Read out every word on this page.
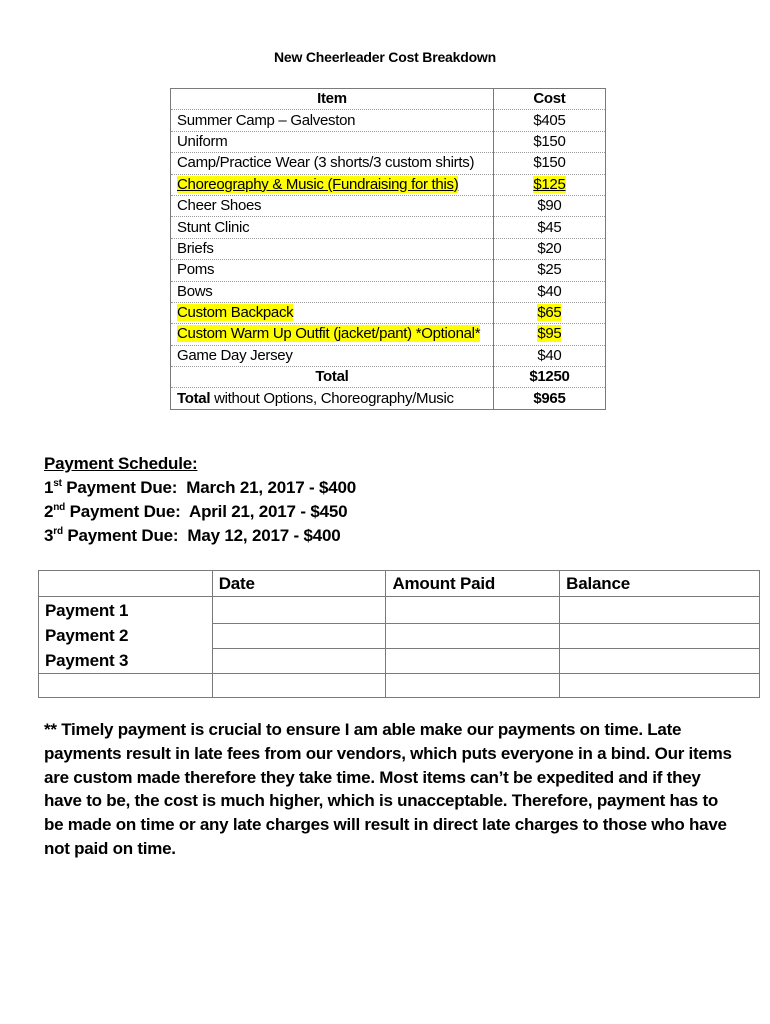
New Cheerleader Cost Breakdown
Item	Cost
Summer Camp – Galveston	$405
Uniform	$150
Camp/Practice Wear (3 shorts/3 custom shirts)	$150
Choreography & Music (Fundraising for this)	$125
Cheer Shoes	$90
Stunt Clinic	$45
Briefs	$20
Poms	$25
Bows	$40
Custom Backpack	$65
Custom Warm Up Outfit (jacket/pant) *Optional*	$95
Game Day Jersey	$40
Total	$1250
Total without Options, Choreography/Music	$965
Payment Schedule:
1st Payment Due:  March 21, 2017 - $400
2nd Payment Due:  April 21, 2017 - $450
3rd Payment Due:  May 12, 2017 - $400
	Date	Amount Paid	Balance
Payment 1			
Payment 2			
Payment 3			

** Timely payment is crucial to ensure I am able make our payments on time. Late payments result in late fees from our vendors, which puts everyone in a bind. Our items are custom made therefore they take time. Most items can’t be expedited and if they have to be, the cost is much higher, which is unacceptable. Therefore, payment has to be made on time or any late charges will result in direct late charges to those who have not paid on time.
